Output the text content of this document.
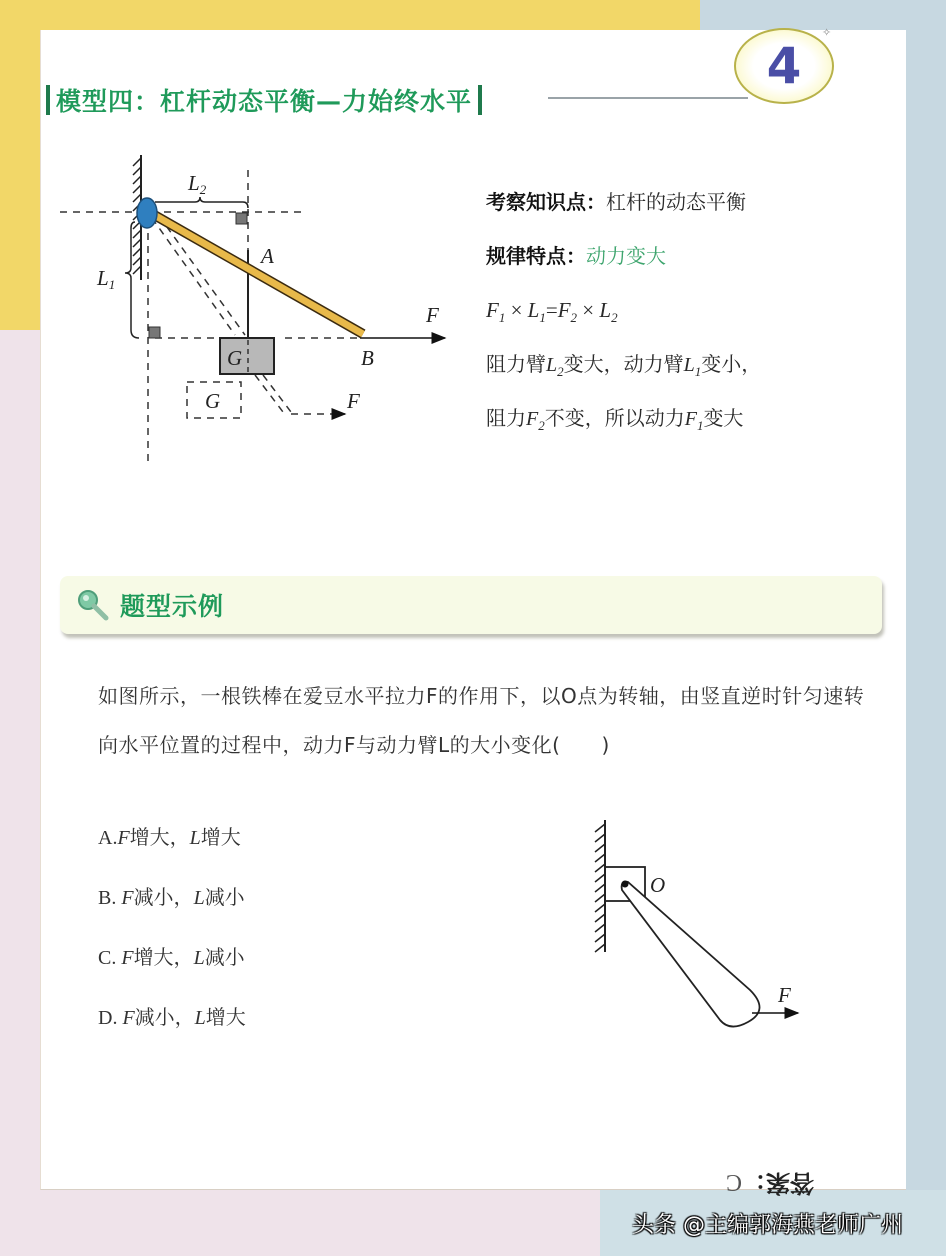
模型四：杠杆动态平衡—力始终水平
4
✧
L2
L1
A
B
F
F
G
G
考察知识点：杠杆的动态平衡
规律特点：动力变大
$F_1 \times L_1=F_2 \times L_2$
阻力臂$L_2$变大，动力臂$L_1$变小，
阻力$F_2$不变，所以动力$F_1$变大
题型示例
如图所示，一根铁棒在爱豆水平拉力F的作用下，以O点为转轴，由竖直逆时针匀速转向水平位置的过程中，动力F与动力臂L的大小变化(　　)
A.F增大，L增大
B. F减小，L减小
C. F增大，L减小
D. F减小，L增大
O
F
答案：C
头条 @主编郭海燕老师广州
